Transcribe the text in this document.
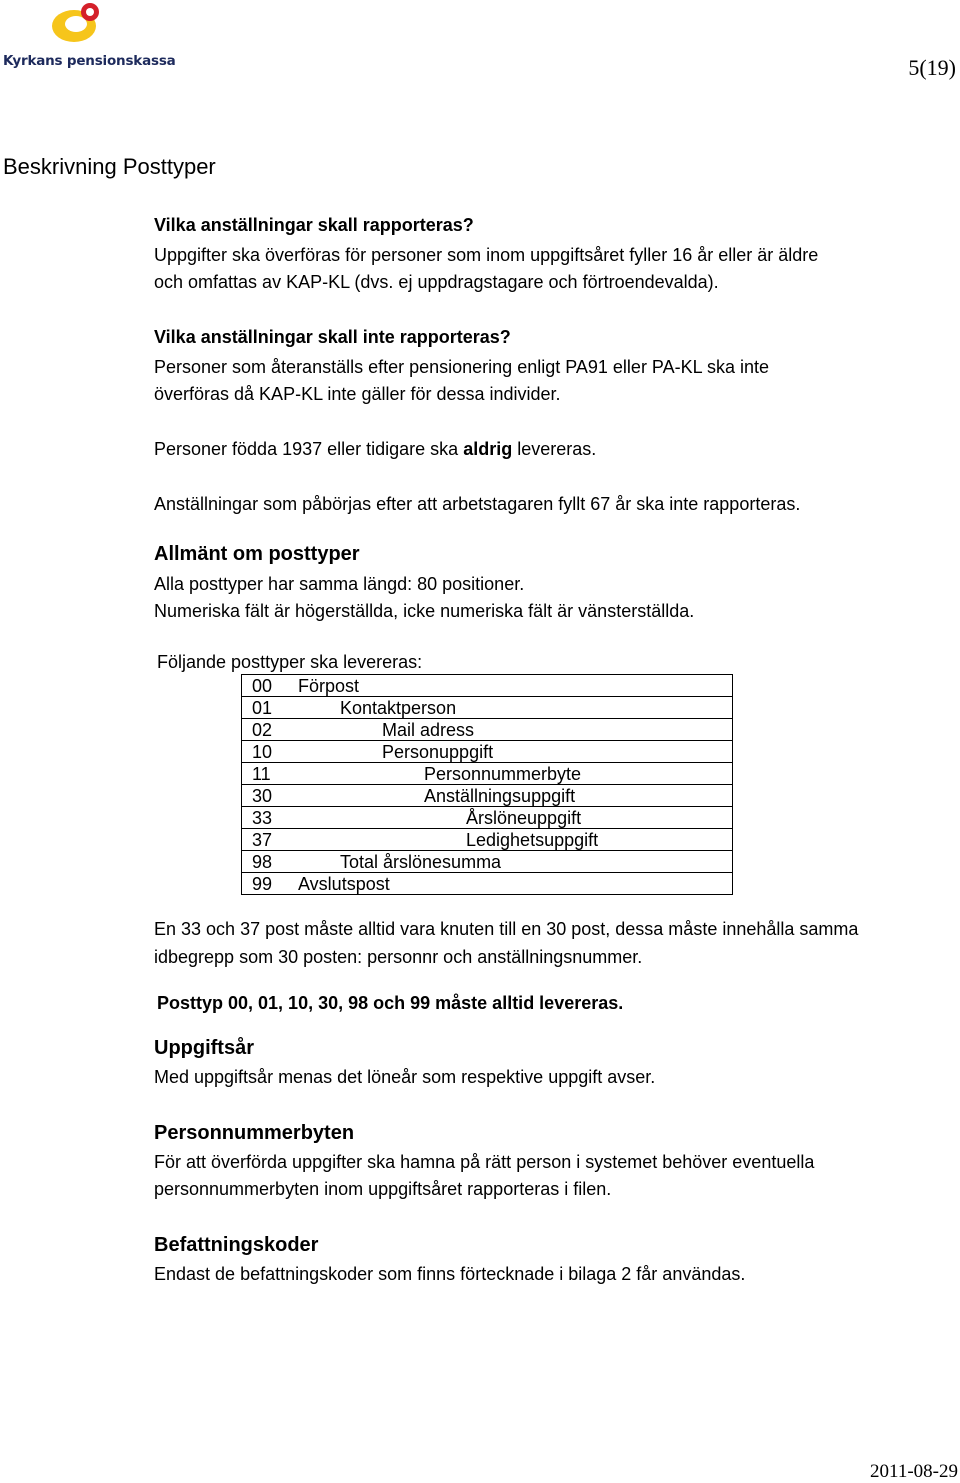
Kyrkans pensionskassa	5(19)
Beskrivning Posttyper
Vilka anställningar skall rapporteras?
Uppgifter ska överföras för personer som inom uppgiftsåret fyller 16 år eller är äldre
och omfattas av KAP-KL (dvs. ej uppdragstagare och förtroendevalda).
Vilka anställningar skall inte rapporteras?
Personer som återanställs efter pensionering enligt PA91 eller PA-KL ska inte
överföras då KAP-KL inte gäller för dessa individer.
Personer födda 1937 eller tidigare ska aldrig levereras.
Anställningar som påbörjas efter att arbetstagaren fyllt 67 år ska inte rapporteras.
Allmänt om posttyper
Alla posttyper har samma längd: 80 positioner.
Numeriska fält är högerställda, icke numeriska fält är vänsterställda.
Följande posttyper ska levereras:
00 Förpost
01	Kontaktperson
02	Mail adress
10	Personuppgift
11	Personnummerbyte
30	Anställningsuppgift
33	Årslöneuppgift
37	Ledighetsuppgift
98	Total årslönesumma
99 Avslutspost
En 33 och 37 post måste alltid vara knuten till en 30 post, dessa måste innehålla samma
idbegrepp som 30 posten: personnr och anställningsnummer.
Posttyp 00, 01, 10, 30, 98 och 99 måste alltid levereras.
Uppgiftsår
Med uppgiftsår menas det löneår som respektive uppgift avser.
Personnummerbyten
För att överförda uppgifter ska hamna på rätt person i systemet behöver eventuella
personnummerbyten inom uppgiftsåret rapporteras i filen.
Befattningskoder
Endast de befattningskoder som finns förtecknade i bilaga 2 får användas.
2011-08-29
